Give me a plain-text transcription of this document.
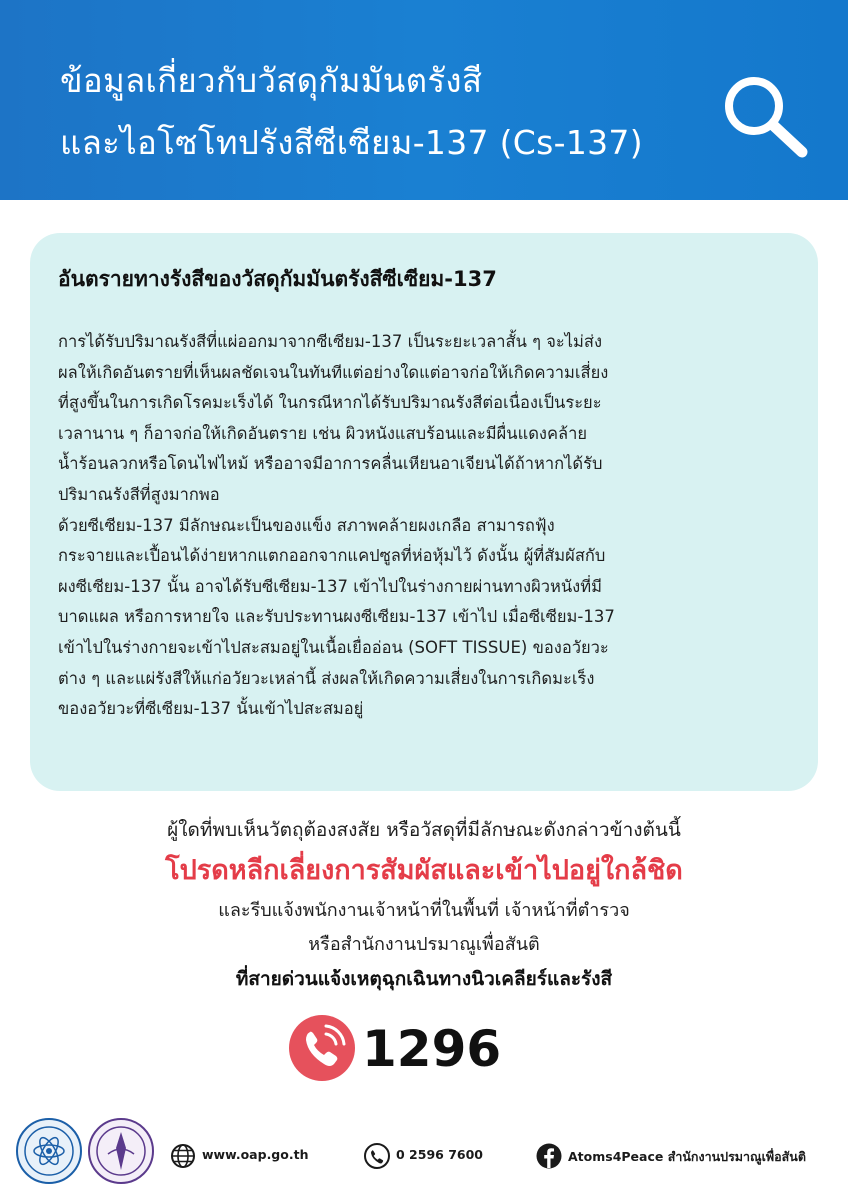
ข้อมูลเกี่ยวกับวัสดุกัมมันตรังสี
และไอโซโทปรังสีซีเซียม-137 (Cs-137)
อันตรายทางรังสีของวัสดุกัมมันตรังสีซีเซียม-137
การได้รับปริมาณรังสีที่แผ่ออกมาจากซีเซียม-137 เป็นระยะเวลาสั้น ๆ จะไม่ส่ง
ผลให้เกิดอันตรายที่เห็นผลชัดเจนในทันทีแต่อย่างใดแต่อาจก่อให้เกิดความเสี่ยง
ที่สูงขึ้นในการเกิดโรคมะเร็งได้ ในกรณีหากได้รับปริมาณรังสีต่อเนื่องเป็นระยะ
เวลานาน ๆ ก็อาจก่อให้เกิดอันตราย เช่น ผิวหนังแสบร้อนและมีผื่นแดงคล้าย
น้ำร้อนลวกหรือโดนไฟไหม้ หรืออาจมีอาการคลื่นเหียนอาเจียนได้ถ้าหากได้รับ
ปริมาณรังสีที่สูงมากพอ
ด้วยซีเซียม-137 มีลักษณะเป็นของแข็ง สภาพคล้ายผงเกลือ สามารถฟุ้ง
กระจายและเปื้อนได้ง่ายหากแตกออกจากแคปซูลที่ห่อหุ้มไว้ ดังนั้น ผู้ที่สัมผัสกับ
ผงซีเซียม-137 นั้น อาจได้รับซีเซียม-137 เข้าไปในร่างกายผ่านทางผิวหนังที่มี
บาดแผล หรือการหายใจ และรับประทานผงซีเซียม-137 เข้าไป เมื่อซีเซียม-137
เข้าไปในร่างกายจะเข้าไปสะสมอยู่ในเนื้อเยื่ออ่อน (SOFT TISSUE) ของอวัยวะ
ต่าง ๆ และแผ่รังสีให้แก่อวัยวะเหล่านี้ ส่งผลให้เกิดความเสี่ยงในการเกิดมะเร็ง
ของอวัยวะที่ซีเซียม-137 นั้นเข้าไปสะสมอยู่
ผู้ใดที่พบเห็นวัตถุต้องสงสัย หรือวัสดุที่มีลักษณะดังกล่าวข้างต้นนี้
โปรดหลีกเลี่ยงการสัมผัสและเข้าไปอยู่ใกล้ชิด
และรีบแจ้งพนักงานเจ้าหน้าที่ในพื้นที่ เจ้าหน้าที่ตำรวจ
หรือสำนักงานปรมาณูเพื่อสันติ
ที่สายด่วนแจ้งเหตุฉุกเฉินทางนิวเคลียร์และรังสี
1296
www.oap.go.th	0 2596 7600	Atoms4Peace สำนักงานปรมาณูเพื่อสันติ
